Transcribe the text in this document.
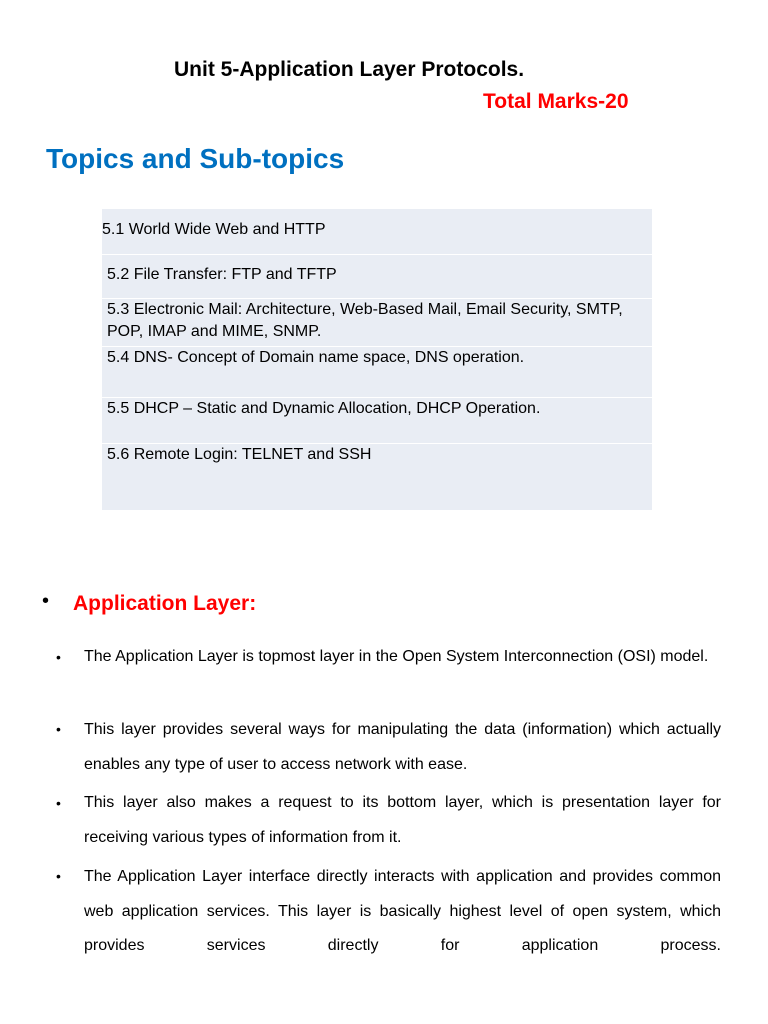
Unit 5-Application Layer Protocols.
Total Marks-20
Topics and Sub-topics
5.1 World Wide Web and HTTP
5.2 File Transfer: FTP and TFTP
5.3 Electronic Mail: Architecture, Web-Based Mail, Email Security, SMTP, POP, IMAP and MIME, SNMP.
5.4 DNS- Concept of Domain name space, DNS operation.
5.5 DHCP – Static and Dynamic Allocation, DHCP Operation.
5.6 Remote Login: TELNET and SSH
• Application Layer:
• The Application Layer is topmost layer in the Open System Interconnection (OSI) model.
• This layer provides several ways for manipulating the data (information) which actually enables any type of user to access network with ease.
• This layer also makes a request to its bottom layer, which is presentation layer for receiving various types of information from it.
• The Application Layer interface directly interacts with application and provides common web application services. This layer is basically highest level of open system, which provides services directly for application process.
